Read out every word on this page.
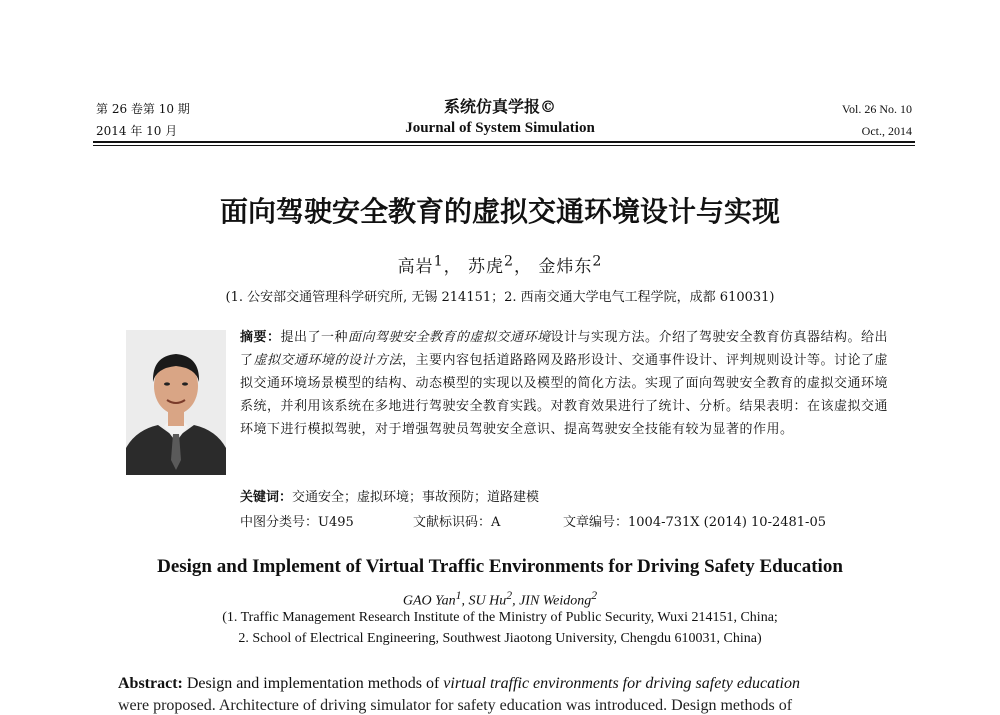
第 26 卷第 10 期
2014 年 10 月
系统仿真学报©
Journal of System Simulation
Vol. 26 No. 10
Oct., 2014
面向驾驶安全教育的虚拟交通环境设计与实现
高岩$^1$， 苏虎$^2$， 金炜东$^2$
(1. 公安部交通管理科学研究所, 无锡 214151；2. 西南交通大学电气工程学院，成都 610031)
摘要：提出了一种面向驾驶安全教育的虚拟交通环境设计与实现方法。介绍了驾驶安全教育仿真器结构。给出了虚拟交通环境的设计方法，主要内容包括道路路网及路形设计、交通事件设计、评判规则设计等。讨论了虚拟交通环境场景模型的结构、动态模型的实现以及模型的简化方法。实现了面向驾驶安全教育的虚拟交通环境系统，并利用该系统在多地进行驾驶安全教育实践。对教育效果进行了统计、分析。结果表明：在该虚拟交通环境下进行模拟驾驶，对于增强驾驶员驾驶安全意识、提高驾驶安全技能有较为显著的作用。
关键词：交通安全；虚拟环境；事故预防；道路建模
中图分类号：U495	文献标识码：A	文章编号：1004-731X (2014) 10-2481-05
Design and Implement of Virtual Traffic Environments for Driving Safety Education
GAO Yan$^1$, SU Hu$^2$, JIN Weidong$^2$
(1. Traffic Management Research Institute of the Ministry of Public Security, Wuxi 214151, China;
2. School of Electrical Engineering, Southwest Jiaotong University, Chengdu 610031, China)
Abstract: Design and implementation methods of virtual traffic environments for driving safety education
were proposed. Architecture of driving simulator for safety education was introduced. Design methods of
